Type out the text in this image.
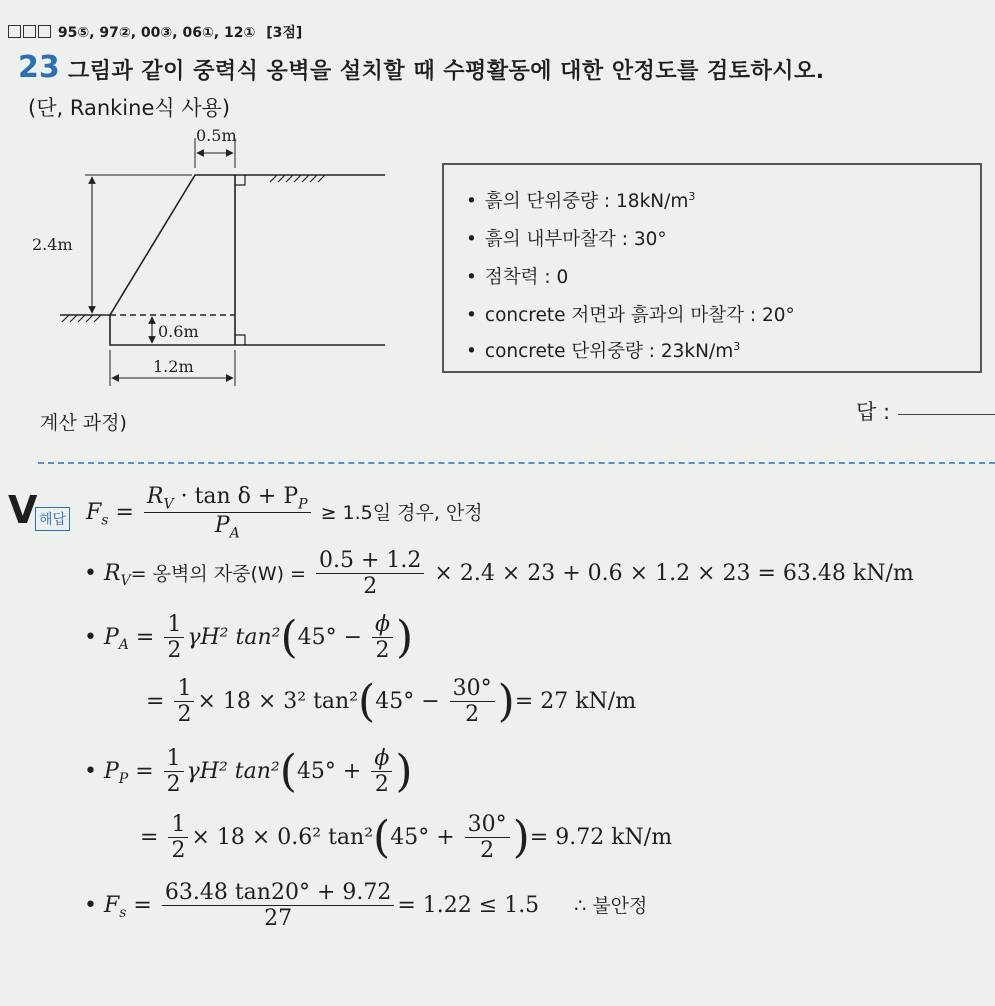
95⑤, 97②, 00③, 06①, 12① [3점]
23 그림과 같이 중력식 옹벽을 설치할 때 수평활동에 대한 안정도를 검토하시오.
(단, Rankine식 사용)
0.5m
2.4m
0.6m
1.2m
• 흙의 단위중량 : $18kN/m^3$
• 흙의 내부마찰각 : 30°
• 점착력 : 0
• concrete 저면과 흙과의 마찰각 : 20°
• concrete 단위중량 : $23kN/m^3$
계산 과정)	답 :
V 해답 $F_s = \frac{R_V \cdot \tan \delta + P_P}{P_A} \ge 1.5$일 경우, 안정
• $R_V=$ 옹벽의 자중$(W) = \frac{0.5 + 1.2}{2} \times 2.4 \times 23 + 0.6 \times 1.2 \times 23 = 63.48$ kN/m
• $P_A = \frac{1}{2} \gamma H^2$ $\tan^2(45^\circ - \frac{\phi}{2}$ )
= $\frac{1}{2} \times 18 \times 3^2$ $\tan^2(45^\circ - \frac{30^\circ}{2}$ )= 27 kN/m
• $P_P = \frac{1}{2} \gamma H^2$ $\tan^2(45^\circ + \frac{\phi}{2}$ )
= $\frac{1}{2} \times 18 \times 0.6^2$ $\tan^2(45^\circ + \frac{30^\circ}{2}$ )= 9.72 kN/m
• $F_s = \frac{63.48 \tan 20^\circ + 9.72}{27} = 1.22 \le 1.5$ ∴ 불안정
